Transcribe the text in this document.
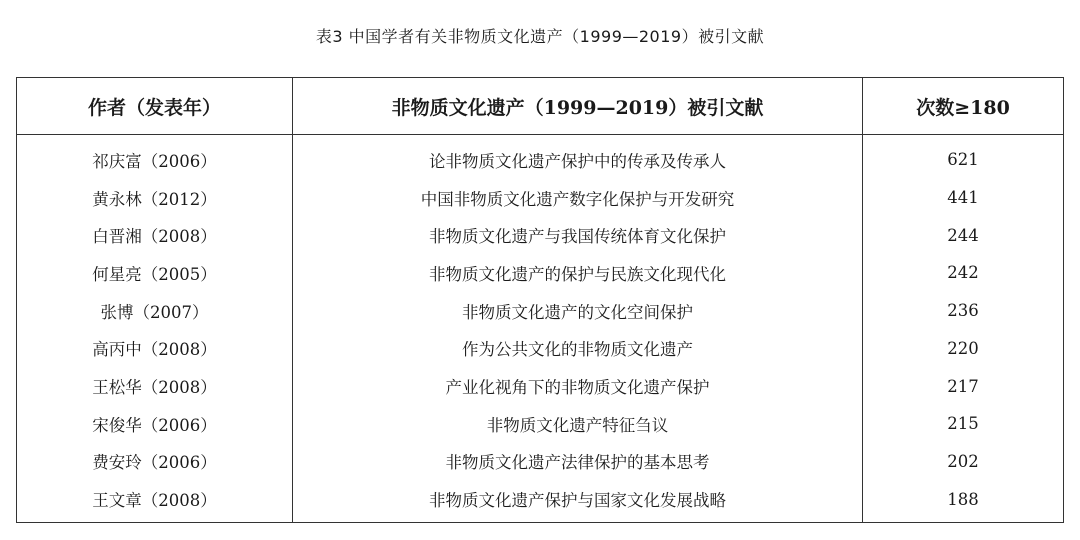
表3 中国学者有关非物质文化遗产（1999—2019）被引文献
作者（发表年）	非物质文化遗产（1999—2019）被引文献	次数≥180
祁庆富（2006）	论非物质文化遗产保护中的传承及传承人	621
黄永林（2012）	中国非物质文化遗产数字化保护与开发研究	441
白晋湘（2008）	非物质文化遗产与我国传统体育文化保护	244
何星亮（2005）	非物质文化遗产的保护与民族文化现代化	242
张博（2007）	非物质文化遗产的文化空间保护	236
高丙中（2008）	作为公共文化的非物质文化遗产	220
王松华（2008）	产业化视角下的非物质文化遗产保护	217
宋俊华（2006）	非物质文化遗产特征刍议	215
费安玲（2006）	非物质文化遗产法律保护的基本思考	202
王文章（2008）	非物质文化遗产保护与国家文化发展战略	188
